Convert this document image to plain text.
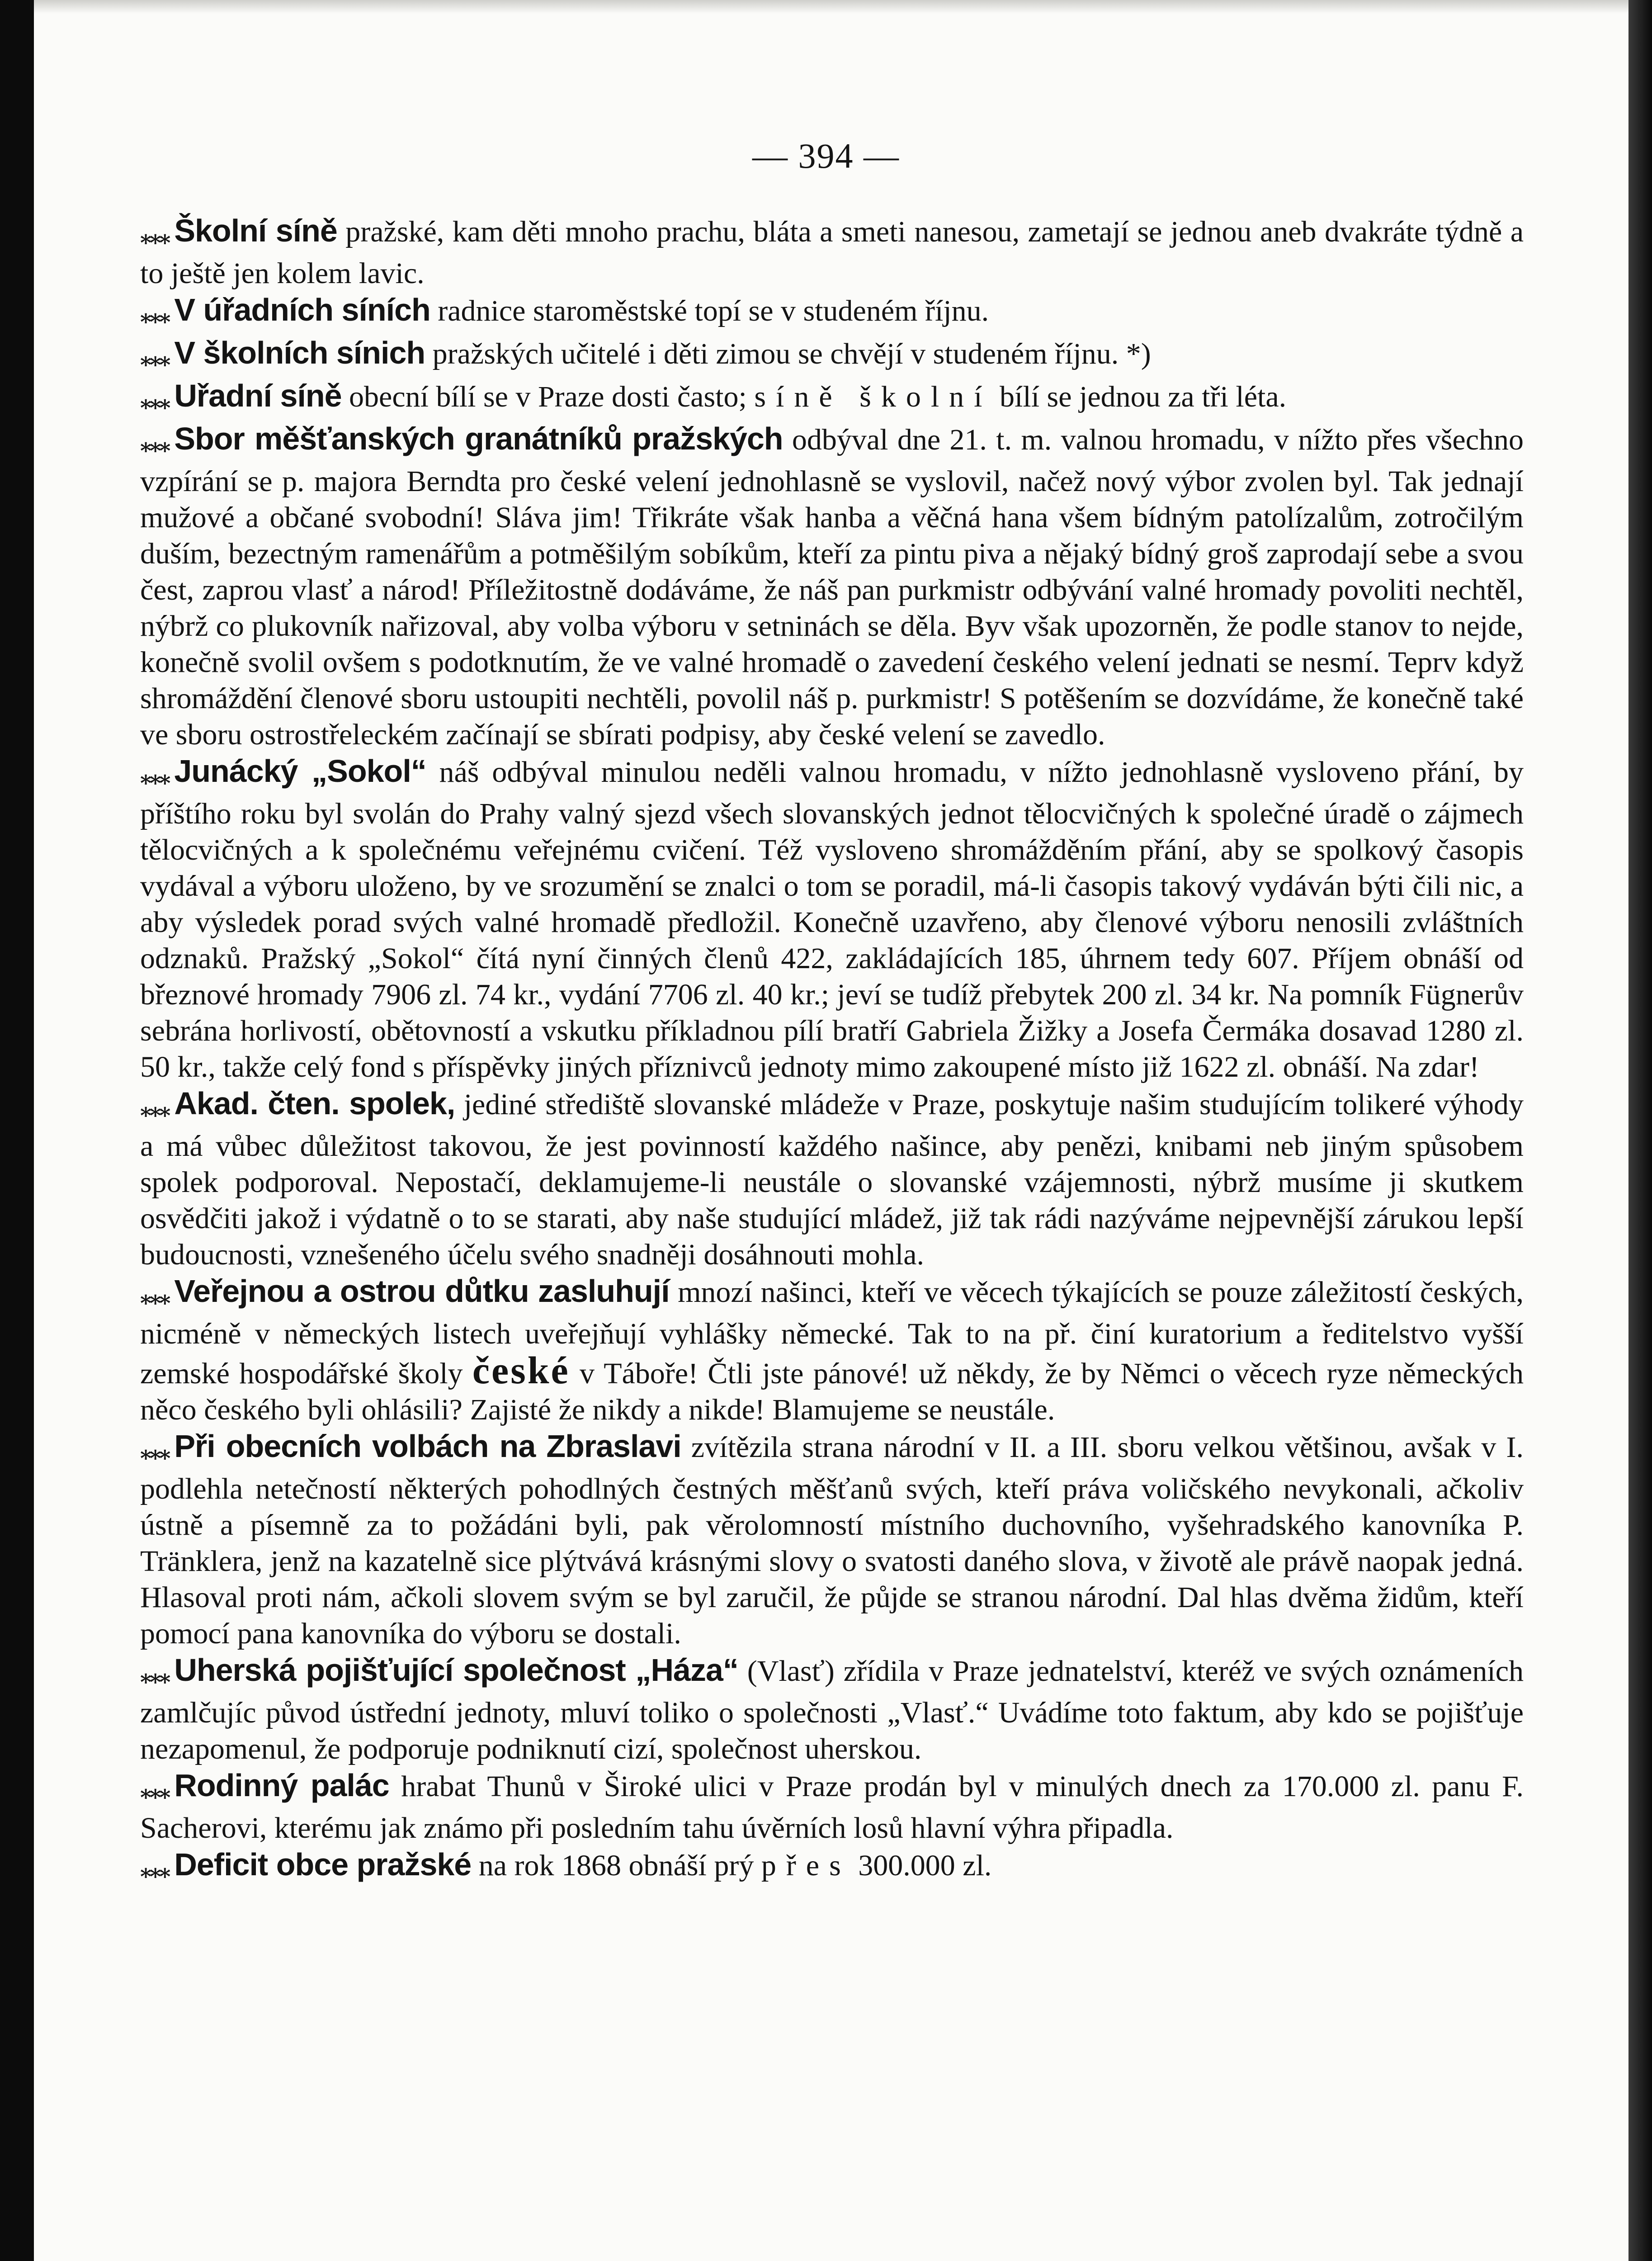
— 394 —

⁎⁎⁎ Školní síně pražské, kam děti mnoho prachu, bláta a smeti nanesou, zametají se jednou aneb dvakráte týdně a to ještě jen kolem lavic.

⁎⁎⁎ V úřadních síních radnice staroměstské topí se v studeném říjnu.

⁎⁎⁎ V školních sínich pražských učitelé i děti zimou se chvějí v studeném říjnu. *)

⁎⁎⁎ Uřadní síně obecní bílí se v Praze dosti často; síně školní bílí se jednou za tři léta.

⁎⁎⁎ Sbor měšťanských granátníků pražských odbýval dne 21. t. m. valnou hromadu, v nížto přes všechno vzpírání se p. majora Berndta pro české velení jednohlasně se vyslovil, načež nový výbor zvolen byl. Tak jednají mužové a občané svobodní! Sláva jim! Třikráte však hanba a věčná hana všem bídným patolízalům, zotročilým duším, bezectným ramenářům a potměšilým sobíkům, kteří za pintu piva a nějaký bídný groš zaprodají sebe a svou čest, zaprou vlasť a národ! Příležitostně dodáváme, že náš pan purkmistr odbývání valné hromady povoliti nechtěl, nýbrž co plukovník nařizoval, aby volba výboru v setninách se děla. Byv však upozorněn, že podle stanov to nejde, konečně svolil ovšem s podotknutím, že ve valné hromadě o zavedení českého velení jednati se nesmí. Teprv když shromáždění členové sboru ustoupiti nechtěli, povolil náš p. purkmistr! S potěšením se dozvídáme, že konečně také ve sboru ostrostřeleckém začínají se sbírati podpisy, aby české velení se zavedlo.

⁎⁎⁎ Junácký „Sokol“ náš odbýval minulou neděli valnou hromadu, v nížto jednohlasně vysloveno přání, by příštího roku byl svolán do Prahy valný sjezd všech slovanských jednot tělocvičných k společné úradě o zájmech tělocvičných a k společnému veřejnému cvičení. Též vysloveno shromážděním přání, aby se spolkový časopis vydával a výboru uloženo, by ve srozumění se znalci o tom se poradil, má-li časopis takový vydáván býti čili nic, a aby výsledek porad svých valné hromadě předložil. Konečně uzavřeno, aby členové výboru nenosili zvláštních odznaků. Pražský „Sokol“ čítá nyní činných členů 422, zakládajících 185, úhrnem tedy 607. Příjem obnáší od březnové hromady 7906 zl. 74 kr., vydání 7706 zl. 40 kr.; jeví se tudíž přebytek 200 zl. 34 kr. Na pomník Fügnerův sebrána horlivostí, obětovností a vskutku příkladnou pílí bratří Gabriela Žižky a Josefa Čermáka dosavad 1280 zl. 50 kr., takže celý fond s příspěvky jiných příznivců jednoty mimo zakoupené místo již 1622 zl. obnáší. Na zdar!

⁎⁎⁎ Akad. čten. spolek, jediné střediště slovanské mládeže v Praze, poskytuje našim studujícím tolikeré výhody a má vůbec důležitost takovou, že jest povinností každého našince, aby penězi, knibami neb jiným spůsobem spolek podporoval. Nepostačí, deklamujeme-li neustále o slovanské vzájemnosti, nýbrž musíme ji skutkem osvědčiti jakož i výdatně o to se starati, aby naše studující mládež, již tak rádi nazýváme nejpevnější zárukou lepší budoucnosti, vznešeného účelu svého snadněji dosáhnouti mohla.

⁎⁎⁎ Veřejnou a ostrou důtku zasluhují mnozí našinci, kteří ve věcech týkajících se pouze záležitostí českých, nicméně v německých listech uveřejňují vyhlášky německé. Tak to na př. činí kuratorium a ředitelstvo vyšší zemské hospodářské školy české v Táboře! Čtli jste pánové! už někdy, že by Němci o věcech ryze německých něco českého byli ohlásili? Zajisté že nikdy a nikde! Blamujeme se neustále.

⁎⁎⁎ Při obecních volbách na Zbraslavi zvítězila strana národní v II. a III. sboru velkou většinou, avšak v I. podlehla netečností některých pohodlných čestných měšťanů svých, kteří práva voličského nevykonali, ačkoliv ústně a písemně za to požádáni byli, pak věrolomností místního duchovního, vyšehradského kanovníka P. Tränklera, jenž na kazatelně sice plýtvává krásnými slovy o svatosti daného slova, v životě ale právě naopak jedná. Hlasoval proti nám, ačkoli slovem svým se byl zaručil, že půjde se stranou národní. Dal hlas dvěma židům, kteří pomocí pana kanovníka do výboru se dostali.

⁎⁎⁎ Uherská pojišťující společnost „Háza“ (Vlasť) zřídila v Praze jednatelství, kteréž ve svých oznámeních zamlčujíc původ ústřední jednoty, mluví toliko o společnosti „Vlasť.“ Uvádíme toto faktum, aby kdo se pojišťuje nezapomenul, že podporuje podniknutí cizí, společnost uherskou.

⁎⁎⁎ Rodinný palác hrabat Thunů v Široké ulici v Praze prodán byl v minulých dnech za 170.000 zl. panu F. Sacherovi, kterému jak známo při posledním tahu úvěrních losů hlavní výhra připadla.

⁎⁎⁎ Deficit obce pražské na rok 1868 obnáší prý přes 300.000 zl.
